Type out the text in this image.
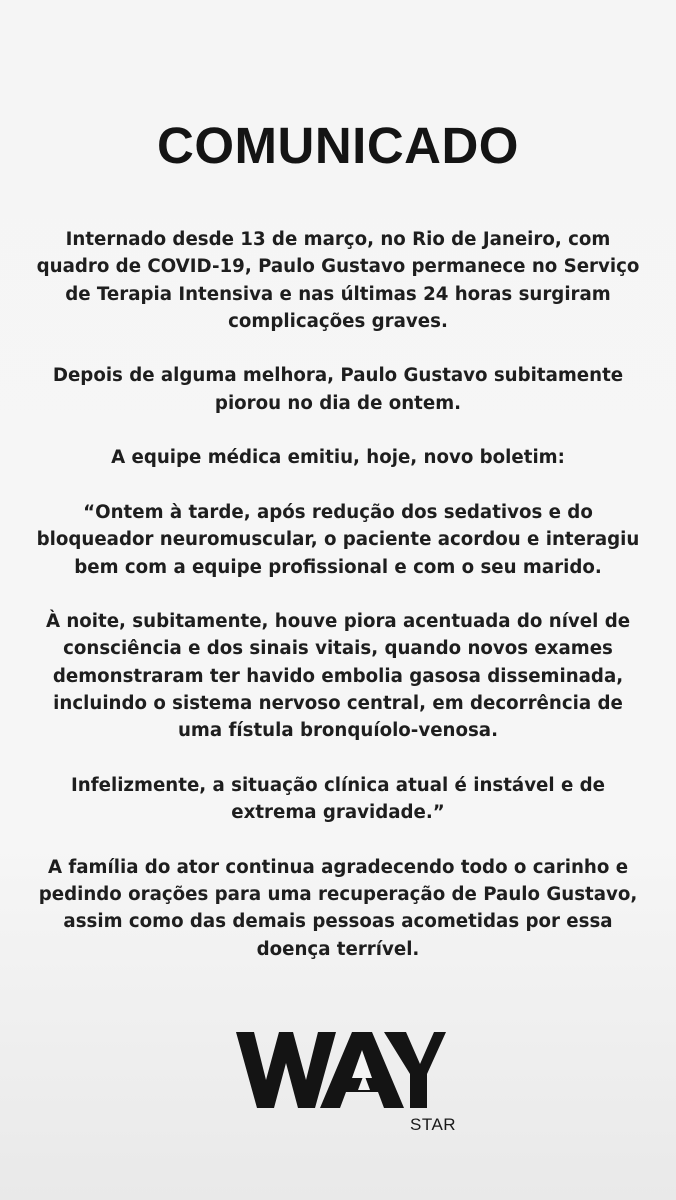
COMUNICADO

Internado desde 13 de março, no Rio de Janeiro, com
quadro de COVID-19, Paulo Gustavo permanece no Serviço
de Terapia Intensiva e nas últimas 24 horas surgiram
complicações graves.

Depois de alguma melhora, Paulo Gustavo subitamente
piorou no dia de ontem.

A equipe médica emitiu, hoje, novo boletim:

“Ontem à tarde, após redução dos sedativos e do
bloqueador neuromuscular, o paciente acordou e interagiu
bem com a equipe profissional e com o seu marido.

À noite, subitamente, houve piora acentuada do nível de
consciência e dos sinais vitais, quando novos exames
demonstraram ter havido embolia gasosa disseminada,
incluindo o sistema nervoso central, em decorrência de
uma fístula bronquíolo-venosa.

Infelizmente, a situação clínica atual é instável e de
extrema gravidade.”

A família do ator continua agradecendo todo o carinho e
pedindo orações para uma recuperação de Paulo Gustavo,
assim como das demais pessoas acometidas por essa
doença terrível.

STAR
